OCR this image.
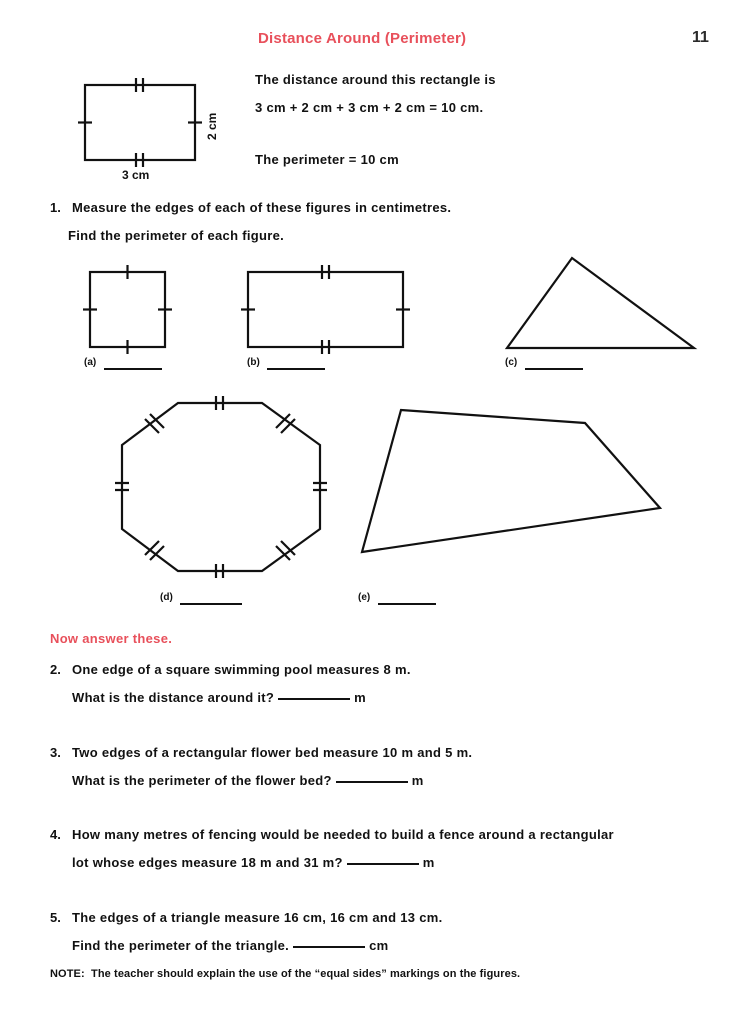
Distance Around (Perimeter)	11
3 cm
2 cm
The distance around this rectangle is
3 cm + 2 cm + 3 cm + 2 cm = 10 cm.
The perimeter = 10 cm
1. Measure the edges of each of these figures in centimetres.
Find the perimeter of each figure.
(a)	(b)	(c)
(d)	(e)
Now answer these.
2. One edge of a square swimming pool measures 8 m.
What is the distance around it?	m
3. Two edges of a rectangular flower bed measure 10 m and 5 m.
What is the perimeter of the flower bed?	m
4. How many metres of fencing would be needed to build a fence around a rectangular
lot whose edges measure 18 m and 31 m?	m
5. The edges of a triangle measure 16 cm, 16 cm and 13 cm.
Find the perimeter of the triangle.	cm
NOTE: The teacher should explain the use of the “equal sides” markings on the figures.
